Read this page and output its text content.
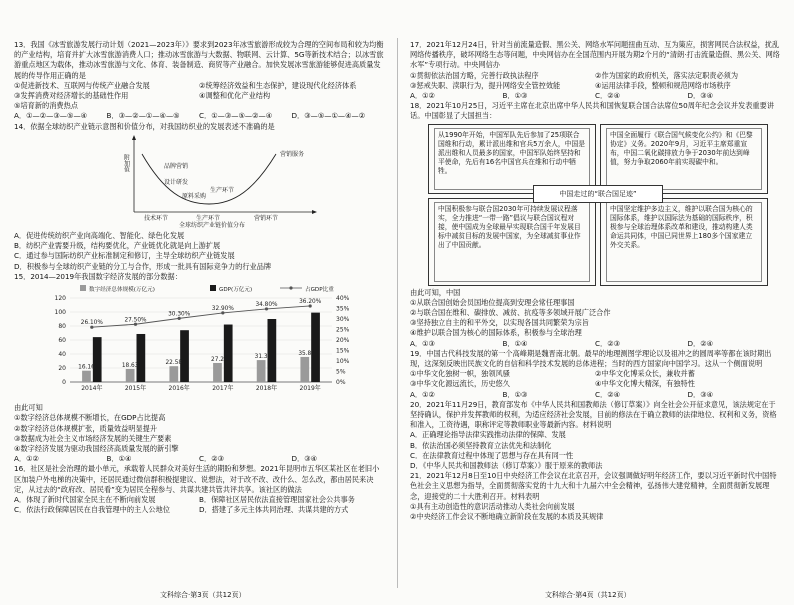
13．我国《冰雪旅游发展行动计划（2021—2023年）》要求到2023年冰雪旅游形成较为合理的空间布局和较为均衡的产业结构，培育并扩大冰雪旅游消费人口；推动冰雪旅游与大数据、物联网、云计算、5G等新技术结合；以冰雪旅游重点地区为载体，推动冰雪旅游与文化、体育、装备制造、商贸等产业融合。加快发展冰雪旅游能够促进高质量发展的传导作用正确的是

①促进新技术、互联网与传统产业融合发展	②统筹经济效益和生态保护，建设现代化经济体系
③发挥消费对经济增长的基础性作用	④调整和优化产业结构

⑤培育新的消费热点

A．①—②—③—⑤—④	B．③—②—①—④—⑤	C．①—③—⑤—②—④	D．③—⑤—①—④—②

14．依据全球纺织产业链示意图和价值分布，对我国纺织业的发展表述不准确的是

附加值	品牌营销
设计研发
原料采购
生产环节
营销服务
技术环节	生产环节	营销环节
全球纺织产业链价值分布

A．促进传统纺织产业向高端化、智能化、绿色化发展

B．纺织产业需要升级，结构要优化，产业链优化就是向上游扩展

C．通过参与国际纺织产业标准制定和修订，主导全球纺织产业链发展

D．积极参与全球纺织产业链的分工与合作，形成一批具有国际竞争力的行业品牌

15．2014—2019年我国数字经济发展的部分数据：

0
20
40
60
80
100
120
0%
5%
10%
15%
20%
25%
30%
35%
40%
数字经济总体规模(万亿元)	GDP(万亿元)	占GDP比重
16.16
2014年
18.63
2015年
22.58
2016年
27.2
2017年
31.3
2018年
35.8
2019年
26.10%	27.50%
30.30%
32.90%
34.80%	36.20%

由此可知

①数字经济总体规模不断增长，在GDP占比提高

②数字经济总体规模扩张，质量效益明显提升

③数据成为社会主义市场经济发展的关键生产要素

④数字经济发展为驱动我国经济高质量发展的新引擎

A．①②	B．①④	C．②③	D．③④

16．社区是社会治理的最小单元，承载着人民群众对美好生活的期盼和梦想。2021年昆明市五华区某社区在老旧小区加装户外电梯的决策中，还居民通过微信群积极提建议、说想法，对于改不改、改什么、怎么改，都由居民来决定，从过去的“政府改、居民看”变为居民全程参与、共谋共建共管共评共享。该社区的做法

A．体现了新时代国家全民主在不断向前发展	B．保障社区居民依法直接管理国家社会公共事务
C．依法行政保障居民在自我管理中的主人公地位	D．搭建了多元主体共同治理、共谋共建的方式
文科综合·第3页（共12页）

17．2021年12月24日，针对当前流量造假、黑公关、网络水军问题扭曲互动、互为策应，损害网民合法权益，扰乱网络传播秩序，破坏网络生态等问题，中央网信办在全国范围内开展为期2个月的“清朗·打击流量造假、黑公关、网络水军”专项行动。中央网信办

①贯彻依法治国方略，完善行政执法程序	②作为国家的政府机关，落实法定职责必须为
③惩戒失职、渎职行为，提升网络安全管控效能	④运用法律手段，整顿和规范网络市场秩序
A．①②	B．①③	C．②④	D．③④

18．2021年10月25日，习近平主席在北京出席中华人民共和国恢复联合国合法席位50周年纪念会议并发表重要讲话。中国彰显了大国担当：

从1990年开始，中国军队先后参加了25项联合国维和行动，累计派出维和官兵5万余人，中国是派出维和人员最多的国家，中国军队始终坚持和平使命，先后有16名中国官兵在维和行动中牺牲。
中国全面履行《联合国气候变化公约》和《巴黎协定》义务。2020年9月，习近平主席郑重宣布，中国二氧化碳排放力争于2030年前达到峰值，努力争取2060年前实现碳中和。
中国积极参与联合国2030年可持续发展议程落实，全力推进“一带一路”倡议与联合国议程对接，使中国成为全球最早实现联合国千年发展目标中减贫目标的发展中国家，为全球减贫事业作出了中国贡献。
中国坚定维护多边主义，维护以联合国为核心的国际体系，维护以国际法为基础的国际秩序，积极参与全球治理体系改革和建设，推动构建人类命运共同体，中国已同世界上180多个国家建立外交关系。
中国走过的“联合国足迹”

由此可知，中国

①从联合国创始会员国地位提高到安理会常任理事国

②与联合国在维和、碳排放、减贫、抗疫等多领域开展广泛合作

③坚持独立自主的和平外交，以实现各国共同繁荣为宗旨

④维护以联合国为核心的国际体系，积极参与全球治理

A．①③	B．①④	C．②③	D．②④

19．中国古代科技发展的第一个高峰期是魏晋南北朝。最早的地理测图学理论以及祖冲之的圆周率等都在该时期出现，这深刻反映出民族文化的自信和科学技术发展的总体进程；当时的西方国家向中国学习。这从一个侧面说明

①中华文化独树一帜，独领风骚	②中华文化博采众长，兼收并蓄
③中华文化源远流长，历史悠久	④中华文化博大精深，有独特性
A．①②	B．①③	C．②④	D．③④

20．2021年11月29日，教育部发布《中华人民共和国教师法（修订草案）》向全社会公开征求意见，该法规定在于坚持确认，保护并发挥教师的权利，为适应经济社会发展，目前的修法在于确立教师的法律地位、权利和义务，资格和准入，工资待遇，职称评定等教师职业等最新内容。材料说明

A．正确理论指导法律实践推动法律的保障、发展

B．依法治国必须坚持教育立法优先和法制化

C．在法律教育过程中体现了思想与存在具有同一性

D．《中华人民共和国教师法（修订草案）》服于原来的教师法

21．2021年12月8日至10日中央经济工作会议在北京召开，会议强调做好明年经济工作，要以习近平新时代中国特色社会主义思想为指导，全面贯彻落实党的十九大和十九届六中全会精神，弘扬伟大建党精神，全面贯彻新发展理念，迎接党的二十大胜利召开。材料表明

①具有主动创造性的意识活动推动人类社会向前发展

②中央经济工作会议不断地确立新阶段在发展的本质及其规律

文科综合·第4页（共12页）
